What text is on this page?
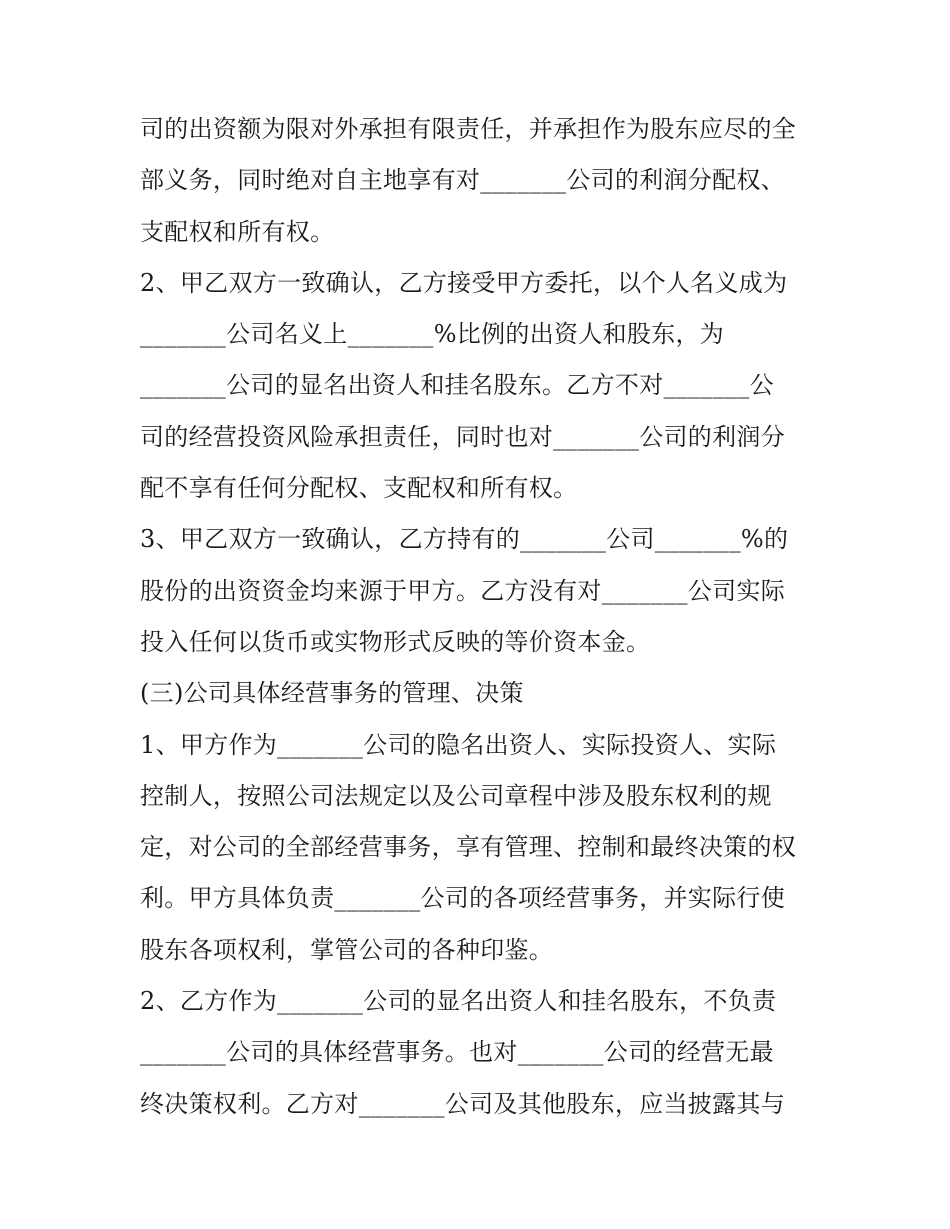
司的出资额为限对外承担有限责任，并承担作为股东应尽的全
部义务，同时绝对自主地享有对_______公司的利润分配权、
支配权和所有权。
2、甲乙双方一致确认，乙方接受甲方委托，以个人名义成为
_______公司名义上_______%比例的出资人和股东，为
_______公司的显名出资人和挂名股东。乙方不对_______公
司的经营投资风险承担责任，同时也对_______公司的利润分
配不享有任何分配权、支配权和所有权。
3、甲乙双方一致确认，乙方持有的_______公司_______%的
股份的出资资金均来源于甲方。乙方没有对_______公司实际
投入任何以货币或实物形式反映的等价资本金。
(三)公司具体经营事务的管理、决策
1、甲方作为_______公司的隐名出资人、实际投资人、实际
控制人，按照公司法规定以及公司章程中涉及股东权利的规
定，对公司的全部经营事务，享有管理、控制和最终决策的权
利。甲方具体负责_______公司的各项经营事务，并实际行使
股东各项权利，掌管公司的各种印鉴。
2、乙方作为_______公司的显名出资人和挂名股东，不负责
_______公司的具体经营事务。也对_______公司的经营无最
终决策权利。乙方对_______公司及其他股东，应当披露其与
